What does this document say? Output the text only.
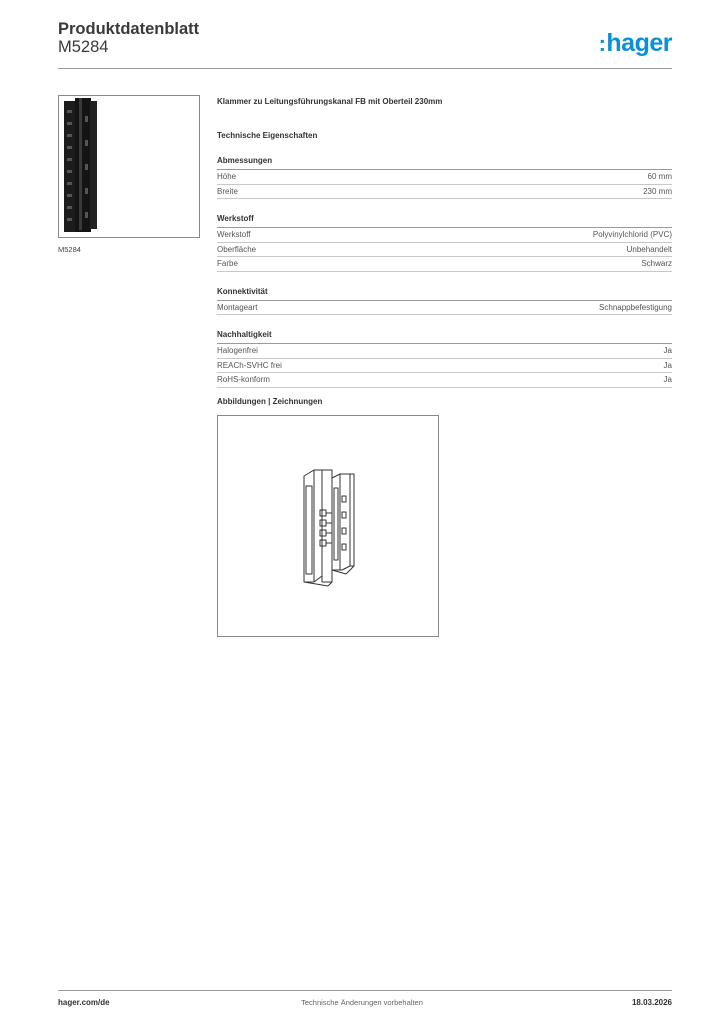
Produktdatenblatt
M5284	:hager
M5284

Klammer zu Leitungsführungskanal FB mit Oberteil 230mm

Technische Eigenschaften

Abmessungen

Höhe	60 mm
Breite	230 mm

Werkstoff

Werkstoff	Polyvinylchlorid (PVC)
Oberfläche	Unbehandelt
Farbe	Schwarz

Konnektivität

Montageart	Schnappbefestigung

Nachhaltigkeit

Halogenfrei	Ja
REACh-SVHC frei	Ja
RoHS-konform	Ja

Abbildungen | Zeichnungen

hager.com/de	Technische Änderungen vorbehalten	18.03.2026
